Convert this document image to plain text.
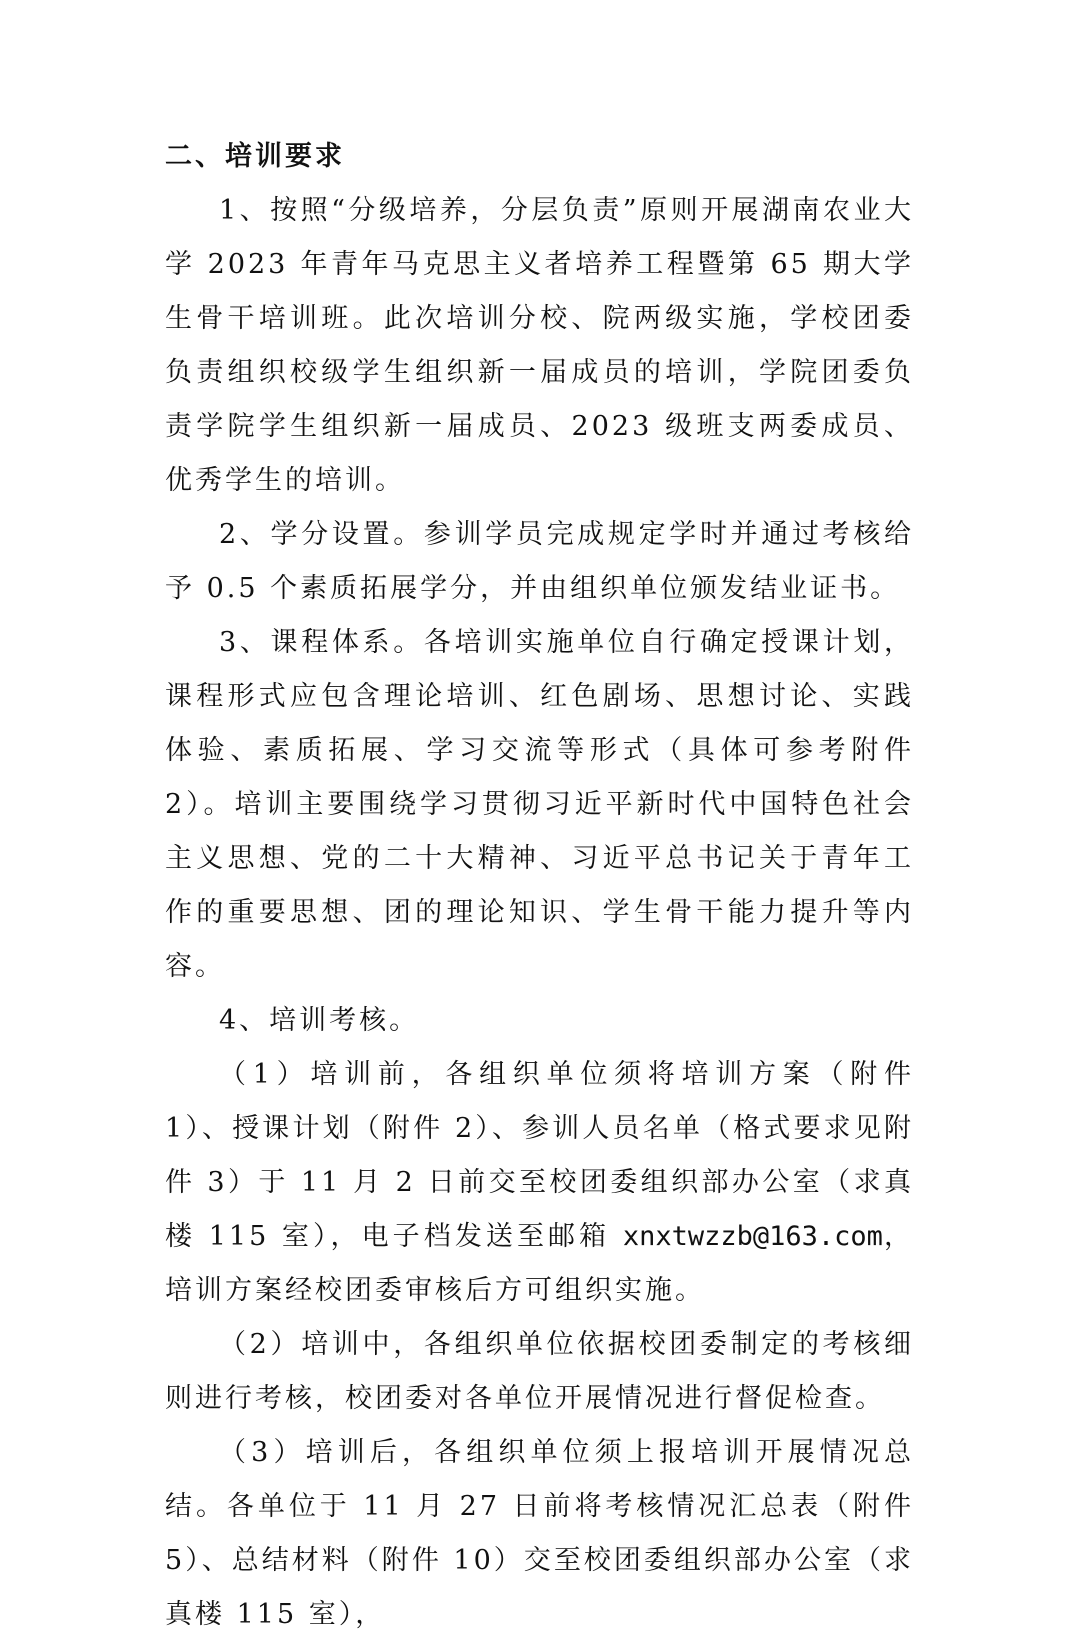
二、培训要求

1、按照“分级培养，分层负责”原则开展湖南农业大学 2023 年青年马克思主义者培养工程暨第 65 期大学生骨干培训班。此次培训分校、院两级实施，学校团委负责组织校级学生组织新一届成员的培训，学院团委负责学院学生组织新一届成员、2023 级班支两委成员、优秀学生的培训。

2、学分设置。参训学员完成规定学时并通过考核给予 0.5 个素质拓展学分，并由组织单位颁发结业证书。

3、课程体系。各培训实施单位自行确定授课计划，课程形式应包含理论培训、红色剧场、思想讨论、实践体验、素质拓展、学习交流等形式（具体可参考附件 2）。培训主要围绕学习贯彻习近平新时代中国特色社会主义思想、党的二十大精神、习近平总书记关于青年工作的重要思想、团的理论知识、学生骨干能力提升等内容。

4、培训考核。

（1）培训前，各组织单位须将培训方案（附件 1）、授课计划（附件 2）、参训人员名单（格式要求见附件 3）于 11 月 2 日前交至校团委组织部办公室（求真楼 115 室），电子档发送至邮箱 xnxtwzzb@163.com，培训方案经校团委审核后方可组织实施。

（2）培训中，各组织单位依据校团委制定的考核细则进行考核，校团委对各单位开展情况进行督促检查。

（3）培训后，各组织单位须上报培训开展情况总结。各单位于 11 月 27 日前将考核情况汇总表（附件 5）、总结材料（附件 10）交至校团委组织部办公室（求真楼 115 室），
